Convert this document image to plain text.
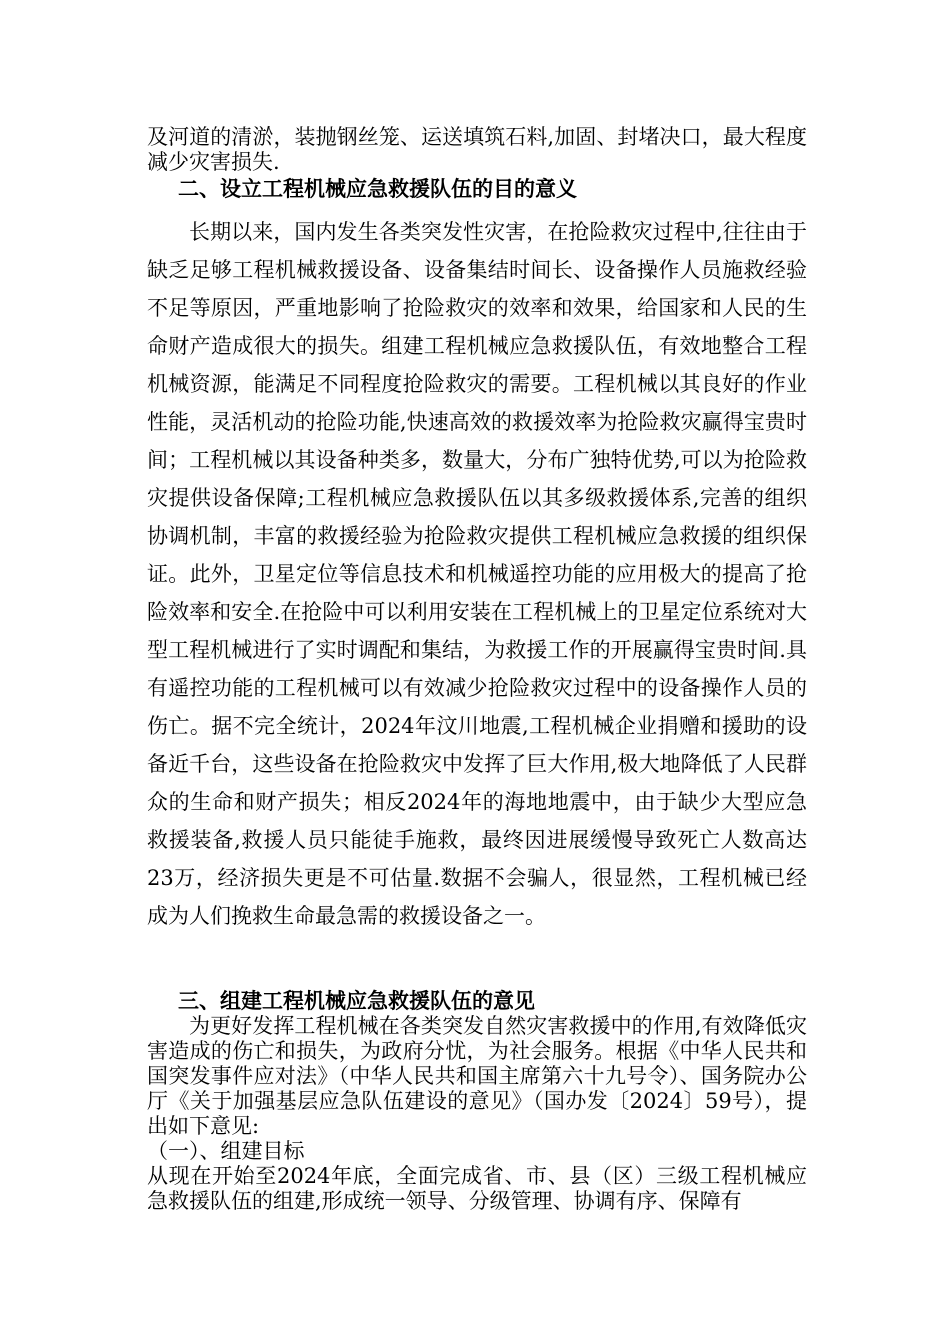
及河道的清淤，装抛钢丝笼、运送填筑石料,加固、封堵决口，最大程度减少灾害损失.

二、设立工程机械应急救援队伍的目的意义

长期以来，国内发生各类突发性灾害，在抢险救灾过程中,往往由于缺乏足够工程机械救援设备、设备集结时间长、设备操作人员施救经验不足等原因，严重地影响了抢险救灾的效率和效果，给国家和人民的生命财产造成很大的损失。组建工程机械应急救援队伍，有效地整合工程机械资源，能满足不同程度抢险救灾的需要。工程机械以其良好的作业性能，灵活机动的抢险功能,快速高效的救援效率为抢险救灾赢得宝贵时间；工程机械以其设备种类多，数量大，分布广独特优势,可以为抢险救灾提供设备保障;工程机械应急救援队伍以其多级救援体系,完善的组织协调机制，丰富的救援经验为抢险救灾提供工程机械应急救援的组织保证。此外，卫星定位等信息技术和机械遥控功能的应用极大的提高了抢险效率和安全.在抢险中可以利用安装在工程机械上的卫星定位系统对大型工程机械进行了实时调配和集结，为救援工作的开展赢得宝贵时间.具有遥控功能的工程机械可以有效减少抢险救灾过程中的设备操作人员的伤亡。据不完全统计，2024年汶川地震,工程机械企业捐赠和援助的设备近千台，这些设备在抢险救灾中发挥了巨大作用,极大地降低了人民群众的生命和财产损失；相反2024年的海地地震中，由于缺少大型应急救援装备,救援人员只能徒手施救，最终因进展缓慢导致死亡人数高达23万，经济损失更是不可估量.数据不会骗人，很显然，工程机械已经成为人们挽救生命最急需的救援设备之一。

三、组建工程机械应急救援队伍的意见

为更好发挥工程机械在各类突发自然灾害救援中的作用,有效降低灾害造成的伤亡和损失，为政府分忧，为社会服务。根据《中华人民共和国突发事件应对法》（中华人民共和国主席第六十九号令）、国务院办公厅《关于加强基层应急队伍建设的意见》（国办发〔2024〕59号），提出如下意见:

（一）、组建目标

从现在开始至2024年底，全面完成省、市、县（区）三级工程机械应急救援队伍的组建,形成统一领导、分级管理、协调有序、保障有
